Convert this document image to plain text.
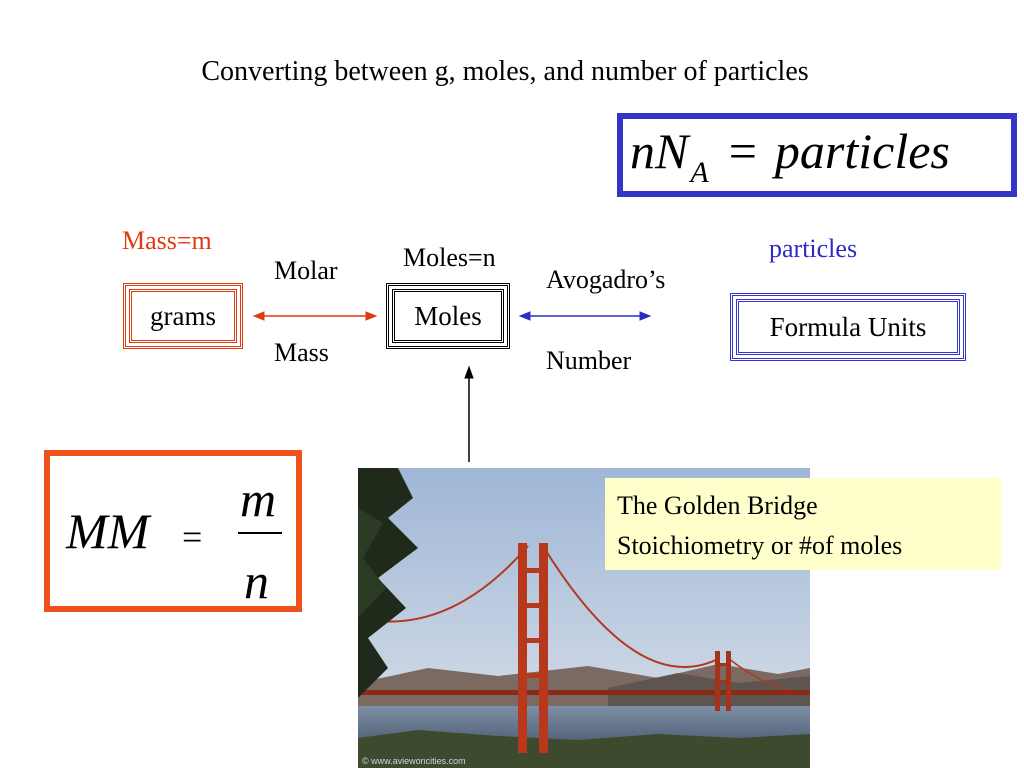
Converting between g, moles, and number of particles
$nN_A$ = particles
Mass=m
Moles=n	particles
Molar
Mass
Avogadro’s
Number
grams	Moles	Formula Units
MM =
m
n
The Golden Bridge
Stoichiometry or #of moles
© www.aviewoncities.com
